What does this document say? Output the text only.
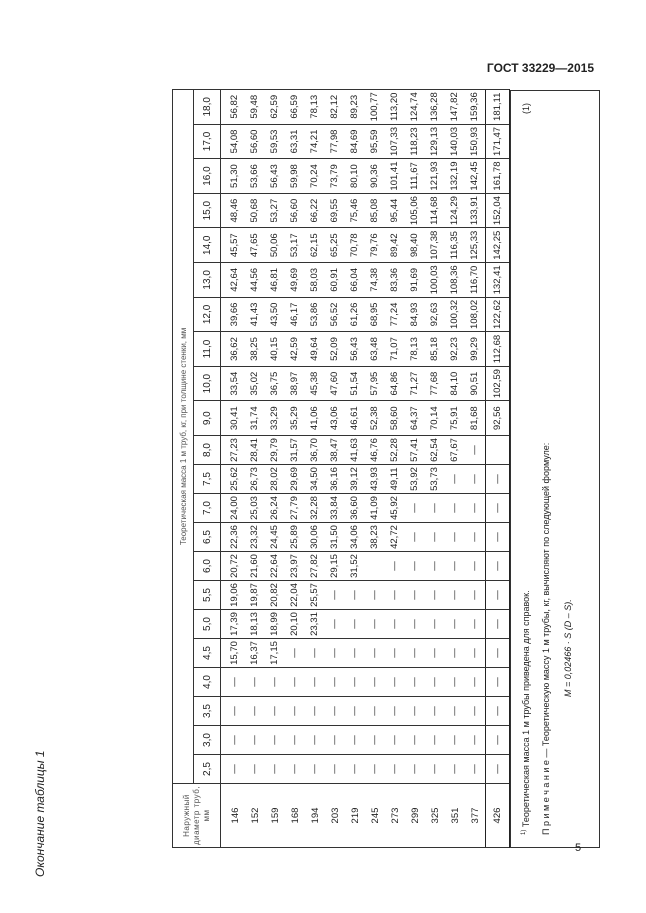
ГОСТ 33229—2015
Окончание таблицы 1	Наружный диаметр труб, мм	Теоретическая масса 1 м труб, кг, при толщине стенки, мм																					
	2,5	3,0	3,5	4,0	4,5	5,0	5,5	6,0	6,5	7,0	7,5	8,0	9,0	10,0	11,0	12,0	13,0	14,0	15,0	16,0	17,0	18,0
146	—	—	—	—	15,70	17,39	19,06	20,72	22,36	24,00	25,62	27,23	30,41	33,54	36,62	39,66	42,64	45,57	48,46	51,30	54,08	56,82
152	—	—	—	—	16,37	18,13	19,87	21,60	23,32	25,03	26,73	28,41	31,74	35,02	38,25	41,43	44,56	47,65	50,68	53,66	56,60	59,48
159	—	—	—	—	17,15	18,99	20,82	22,64	24,45	26,24	28,02	29,79	33,29	36,75	40,15	43,50	46,81	50,06	53,27	56,43	59,53	62,59
168	—	—	—	—	—	20,10	22,04	23,97	25,89	27,79	29,69	31,57	35,29	38,97	42,59	46,17	49,69	53,17	56,60	59,98	63,31	66,59
194	—	—	—	—	—	23,31	25,57	27,82	30,06	32,28	34,50	36,70	41,06	45,38	49,64	53,86	58,03	62,15	66,22	70,24	74,21	78,13
203	—	—	—	—	—	—	—	29,15	31,50	33,84	36,16	38,47	43,06	47,60	52,09	56,52	60,91	65,25	69,55	73,79	77,98	82,12
219	—	—	—	—	—	—	—	31,52	34,06	36,60	39,12	41,63	46,61	51,54	56,43	61,26	66,04	70,78	75,46	80,10	84,69	89,23
245	—	—	—	—	—	—	—		38,23	41,09	43,93	46,76	52,38	57,95	63,48	68,95	74,38	79,76	85,08	90,36	95,59	100,77
273	—	—	—	—	—	—	—	—	42,72	45,92	49,11	52,28	58,60	64,86	71,07	77,24	83,36	89,42	95,44	101,41	107,33	113,20
299	—	—	—	—	—	—	—	—	—	—	53,92	57,41	64,37	71,27	78,13	84,93	91,69	98,40	105,06	111,67	118,23	124,74
325	—	—	—	—	—	—	—	—	—	—	53,73	62,54	70,14	77,68	85,18	92,63	100,03	107,38	114,68	121,93	129,13	136,28
351	—	—	—	—	—	—	—	—	—	—	—	67,67	75,91	84,10	92,23	100,32	108,36	116,35	124,29	132,19	140,03	147,82
377	—	—	—	—	—	—	—	—	—	—	—	—	81,68	90,51	99,29	108,02	116,70	125,33	133,91	142,45	150,93	159,36
426	—	—	—	—	—	—	—	—	—	—	—		92,56	102,59	112,68	122,62	132,41	142,25	152,04	161,78	171,47	181,11
$^{1)}$ Теоретическая масса 1 м трубы приведена для справок. П р и м е ч а н и е — Теоретическую массу 1 м трубы, кг, вычисляют по следующей формуле: M = 0,02466 · S (D – S).
(1)
5
